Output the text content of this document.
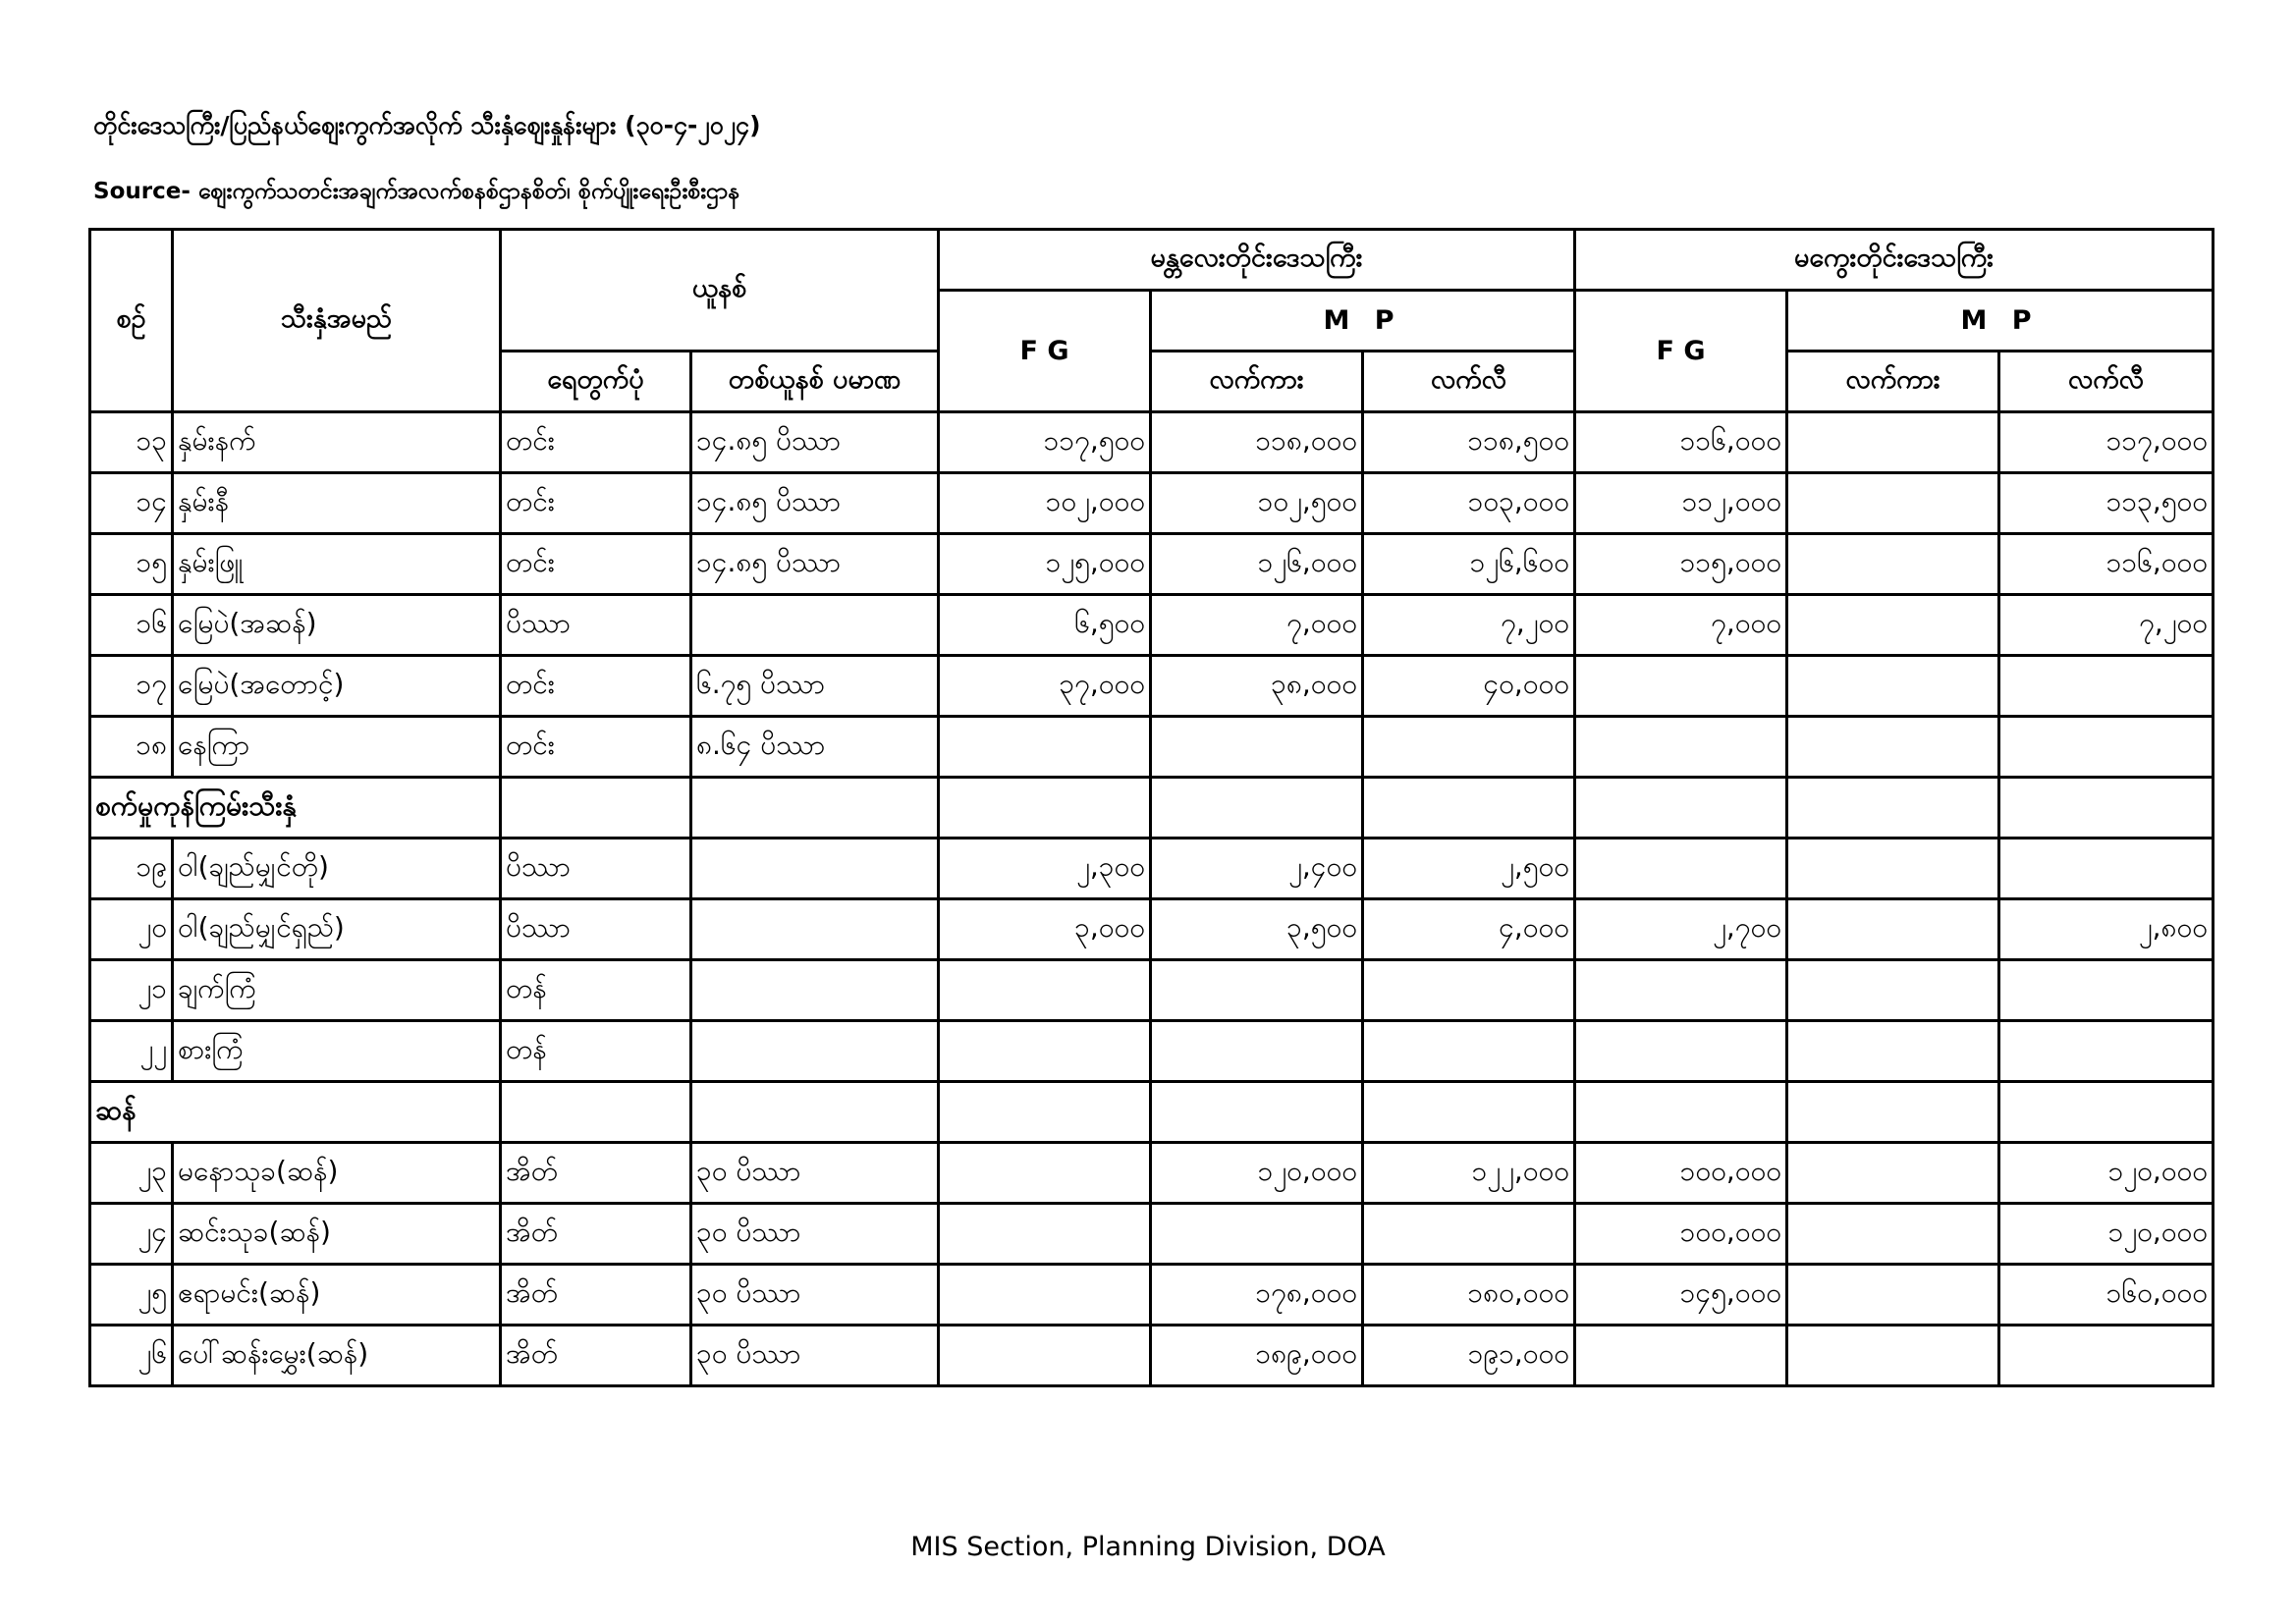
တိုင်းဒေသကြီး/ပြည်နယ်ဈေးကွက်အလိုက် သီးနှံဈေးနှုန်းများ (၃၀-၄-၂၀၂၄)
Source- ဈေးကွက်သတင်းအချက်အလက်စနစ်ဌာနစိတ်၊ စိုက်ပျိုးရေးဦးစီးဌာန
စဉ်	သီးနှံအမည်	ယူနစ်		မန္တလေးတိုင်းဒေသကြီး			မကွေးတိုင်းဒေသကြီး		
				F G	M P		F G	M P	
		ရေတွက်ပုံ	တစ်ယူနစ် ပမာဏ		လက်ကား	လက်လီ		လက်ကား	လက်လီ
၁၃	နှမ်းနက်	တင်း	၁၄.၈၅ ပိဿာ	၁၁၇,၅၀၀	၁၁၈,၀၀၀	၁၁၈,၅၀၀	၁၁၆,၀၀၀		၁၁၇,၀၀၀
၁၄	နှမ်းနီ	တင်း	၁၄.၈၅ ပိဿာ	၁၀၂,၀၀၀	၁၀၂,၅၀၀	၁၀၃,၀၀၀	၁၁၂,၀၀၀		၁၁၃,၅၀၀
၁၅	နှမ်းဖြူ	တင်း	၁၄.၈၅ ပိဿာ	၁၂၅,၀၀၀	၁၂၆,၀၀၀	၁၂၆,၆၀၀	၁၁၅,၀၀၀		၁၁၆,၀၀၀
၁၆	မြေပဲ(အဆန်)	ပိဿာ		၆,၅၀၀	၇,၀၀၀	၇,၂၀၀	၇,၀၀၀		၇,၂၀၀
၁၇	မြေပဲ(အတောင့်)	တင်း	၆.၇၅ ပိဿာ	၃၇,၀၀၀	၃၈,၀၀၀	၄၀,၀၀၀			
၁၈	နေကြာ	တင်း	၈.၆၄ ပိဿာ						
စက်မှုကုန်ကြမ်းသီးနှံ									
၁၉	ဝါ(ချည်မျှင်တို)	ပိဿာ		၂,၃၀၀	၂,၄၀၀	၂,၅၀၀			
၂၀	ဝါ(ချည်မျှင်ရှည်)	ပိဿာ		၃,၀၀၀	၃,၅၀၀	၄,၀၀၀	၂,၇၀၀		၂,၈၀၀
၂၁	ချက်ကြံ	တန်							
၂၂	စားကြံ	တန်							
ဆန်									
၂၃	မနောသုခ(ဆန်)	အိတ်	၃၀ ပိဿာ		၁၂၀,၀၀၀	၁၂၂,၀၀၀	၁၀၀,၀၀၀		၁၂၀,၀၀၀
၂၄	ဆင်းသုခ(ဆန်)	အိတ်	၃၀ ပိဿာ				၁၀၀,၀၀၀		၁၂၀,၀၀၀
၂၅	ဧရာမင်း(ဆန်)	အိတ်	၃၀ ပိဿာ		၁၇၈,၀၀၀	၁၈၀,၀၀၀	၁၄၅,၀၀၀		၁၆၀,၀၀၀
၂၆	ပေါ်ဆန်းမွှေး(ဆန်)	အိတ်	၃၀ ပိဿာ		၁၈၉,၀၀၀	၁၉၁,၀၀၀			
MIS Section, Planning Division, DOA
